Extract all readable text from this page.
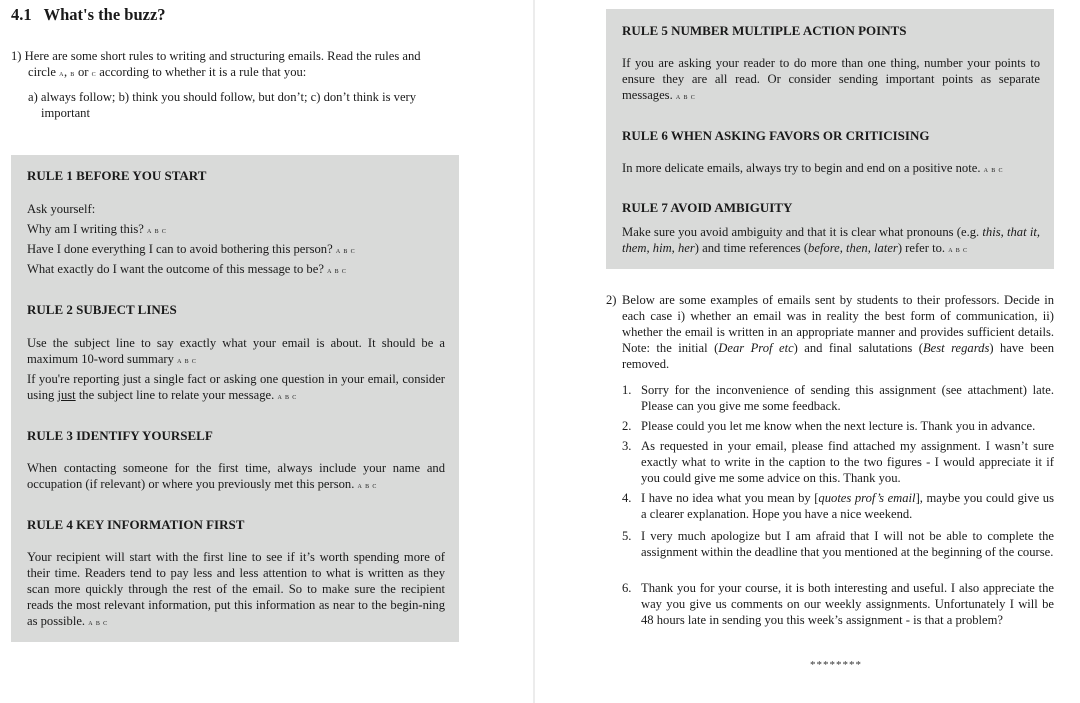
4.1 What's the buzz?
1) Here are some short rules to writing and structuring emails. Read the rules and
circle a, b or c according to whether it is a rule that you:
a) always follow; b) think you should follow, but don’t; c) don’t think is very
important
RULE 1 BEFORE YOU START
Ask yourself:
Why am I writing this? a b c
Have I done everything I can to avoid bothering this person? a b c
What exactly do I want the outcome of this message to be? a b c
RULE 2 SUBJECT LINES
Use the subject line to say exactly what your email is about. It should be a maximum 10-word summary a b c
If you're reporting just a single fact or asking one question in your email, consider using just the subject line to relate your message. a b c
RULE 3 IDENTIFY YOURSELF
When contacting someone for the first time, always include your name and occupation (if relevant) or where you previously met this person. a b c
RULE 4 KEY INFORMATION FIRST
Your recipient will start with the first line to see if it’s worth spending more of their time. Readers tend to pay less and less attention to what is written as they scan more quickly through the rest of the email. So to make sure the recipient reads the most relevant information, put this information as near to the begin-ning as possible. a b c
RULE 5 NUMBER MULTIPLE ACTION POINTS
If you are asking your reader to do more than one thing, number your points to ensure they are all read. Or consider sending important points as separate messages. a b c
RULE 6 WHEN ASKING FAVORS OR CRITICISING
In more delicate emails, always try to begin and end on a positive note. a b c
RULE 7 AVOID AMBIGUITY
Make sure you avoid ambiguity and that it is clear what pronouns (e.g. this, that it, them, him, her) and time references (before, then, later) refer to. a b c
2) Below are some examples of emails sent by students to their professors. Decide in each case i) whether an email was in reality the best form of communication, ii) whether the email is written in an appropriate manner and provides sufficient details. Note: the initial (Dear Prof etc) and final salutations (Best regards) have been removed.
1. Sorry for the inconvenience of sending this assignment (see attachment) late. Please can you give me some feedback.
2. Please could you let me know when the next lecture is. Thank you in advance.
3. As requested in your email, please find attached my assignment. I wasn’t sure exactly what to write in the caption to the two figures - I would appreciate it if you could give me some advice on this. Thank you.
4. I have no idea what you mean by [quotes prof’s email], maybe you could give us a clearer explanation. Hope you have a nice weekend.
5. I very much apologize but I am afraid that I will not be able to complete the assignment within the deadline that you mentioned at the beginning of the course.
6. Thank you for your course, it is both interesting and useful. I also appreciate the way you give us comments on our weekly assignments. Unfortunately I will be 48 hours late in sending you this week’s assignment - is that a problem?
********
